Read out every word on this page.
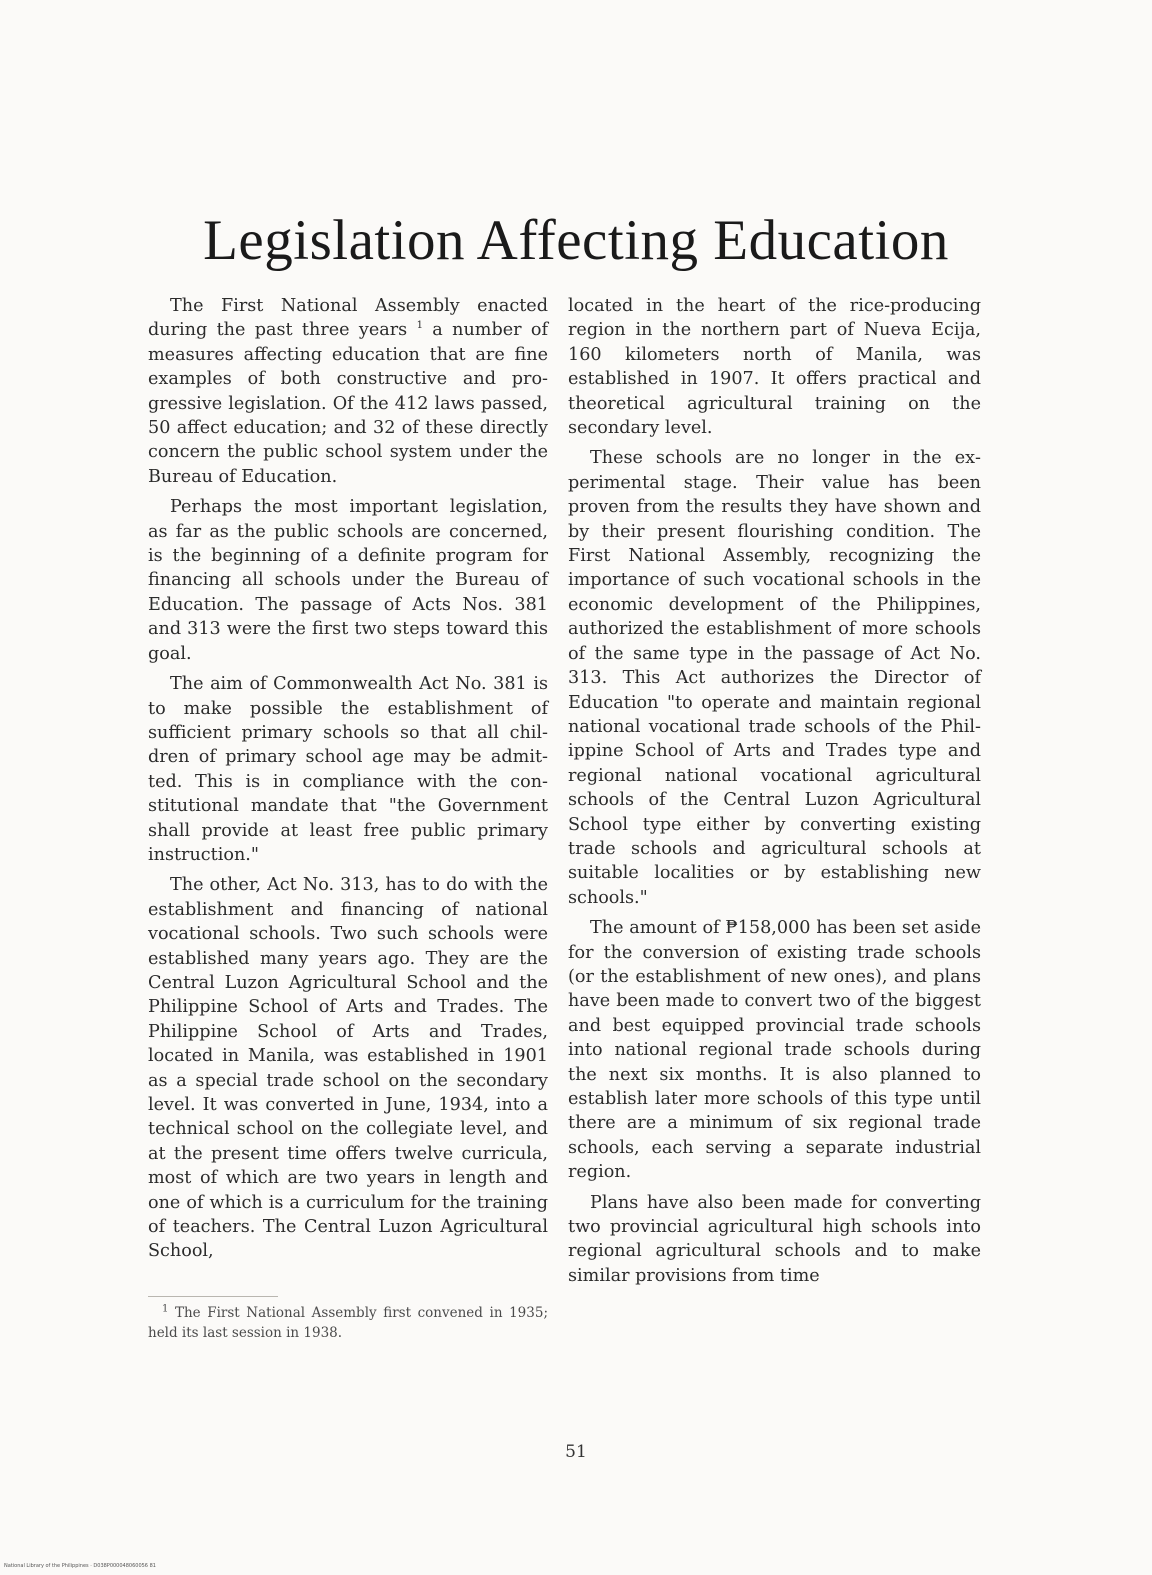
Legislation Affecting Education

The First National Assembly enacted during the past three years $^1$ a number of measures affecting education that are fine examples of both constructive and progressive legislation. Of the 412 laws passed, 50 affect education; and 32 of these directly concern the public school system under the Bureau of Education.

Perhaps the most important legislation, as far as the public schools are concerned, is the beginning of a definite program for financing all schools under the Bureau of Education. The passage of Acts Nos. 381 and 313 were the first two steps toward this goal.

The aim of Commonwealth Act No. 381 is to make possible the establishment of sufficient primary schools so that all children of primary school age may be admitted. This is in compliance with the constitutional mandate that "the Government shall provide at least free public primary instruction."

The other, Act No. 313, has to do with the establishment and financing of national vocational schools. Two such schools were established many years ago. They are the Central Luzon Agricultural School and the Philippine School of Arts and Trades. The Philippine School of Arts and Trades, located in Manila, was established in 1901 as a special trade school on the secondary level. It was converted in June, 1934, into a technical school on the collegiate level, and at the present time offers twelve curricula, most of which are two years in length and one of which is a curriculum for the training of teachers. The Central Luzon Agricultural School,

located in the heart of the rice-producing region in the northern part of Nueva Ecija, 160 kilometers north of Manila, was established in 1907. It offers practical and theoretical agricultural training on the secondary level.

These schools are no longer in the experimental stage. Their value has been proven from the results they have shown and by their present flourishing condition. The First National Assembly, recognizing the importance of such vocational schools in the economic development of the Philippines, authorized the establishment of more schools of the same type in the passage of Act No. 313. This Act authorizes the Director of Education "to operate and maintain regional national vocational trade schools of the Philippine School of Arts and Trades type and regional national vocational agricultural schools of the Central Luzon Agricultural School type either by converting existing trade schools and agricultural schools at suitable localities or by establishing new schools."

The amount of ₱158,000 has been set aside for the conversion of existing trade schools (or the establishment of new ones), and plans have been made to convert two of the biggest and best equipped provincial trade schools into national regional trade schools during the next six months. It is also planned to establish later more schools of this type until there are a minimum of six regional trade schools, each serving a separate industrial region.

Plans have also been made for converting two provincial agricultural high schools into regional agricultural schools and to make similar provisions from time

$^1$ The First National Assembly first convened in 1935; held its last session in 1938.
51
National Library of the Philippines · D038P000048060056 81
